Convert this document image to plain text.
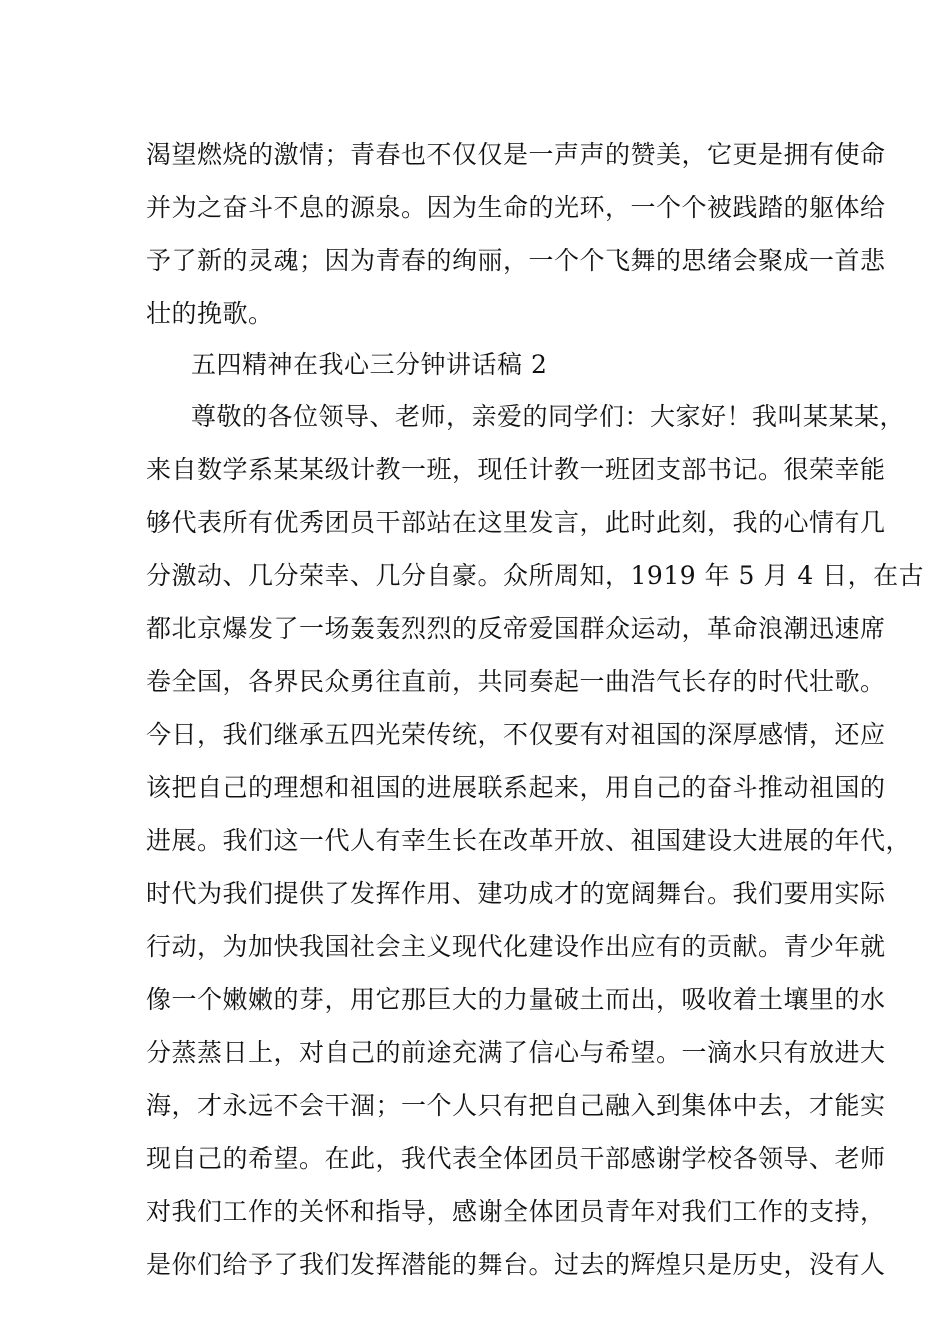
渴望燃烧的激情；青春也不仅仅是一声声的赞美，它更是拥有使命

并为之奋斗不息的源泉。因为生命的光环，一个个被践踏的躯体给

予了新的灵魂；因为青春的绚丽，一个个飞舞的思绪会聚成一首悲

壮的挽歌。

五四精神在我心三分钟讲话稿 2

尊敬的各位领导、老师，亲爱的同学们：大家好！我叫某某某，

来自数学系某某级计教一班，现任计教一班团支部书记。很荣幸能

够代表所有优秀团员干部站在这里发言，此时此刻，我的心情有几

分激动、几分荣幸、几分自豪。众所周知，1919 年 5 月 4 日，在古

都北京爆发了一场轰轰烈烈的反帝爱国群众运动，革命浪潮迅速席

卷全国，各界民众勇往直前，共同奏起一曲浩气长存的时代壮歌。

今日，我们继承五四光荣传统，不仅要有对祖国的深厚感情，还应

该把自己的理想和祖国的进展联系起来，用自己的奋斗推动祖国的

进展。我们这一代人有幸生长在改革开放、祖国建设大进展的年代，

时代为我们提供了发挥作用、建功成才的宽阔舞台。我们要用实际

行动，为加快我国社会主义现代化建设作出应有的贡献。青少年就

像一个嫩嫩的芽，用它那巨大的力量破土而出，吸收着土壤里的水

分蒸蒸日上，对自己的前途充满了信心与希望。一滴水只有放进大

海，才永远不会干涸；一个人只有把自己融入到集体中去，才能实

现自己的希望。在此，我代表全体团员干部感谢学校各领导、老师

对我们工作的关怀和指导，感谢全体团员青年对我们工作的支持，

是你们给予了我们发挥潜能的舞台。过去的辉煌只是历史，没有人
